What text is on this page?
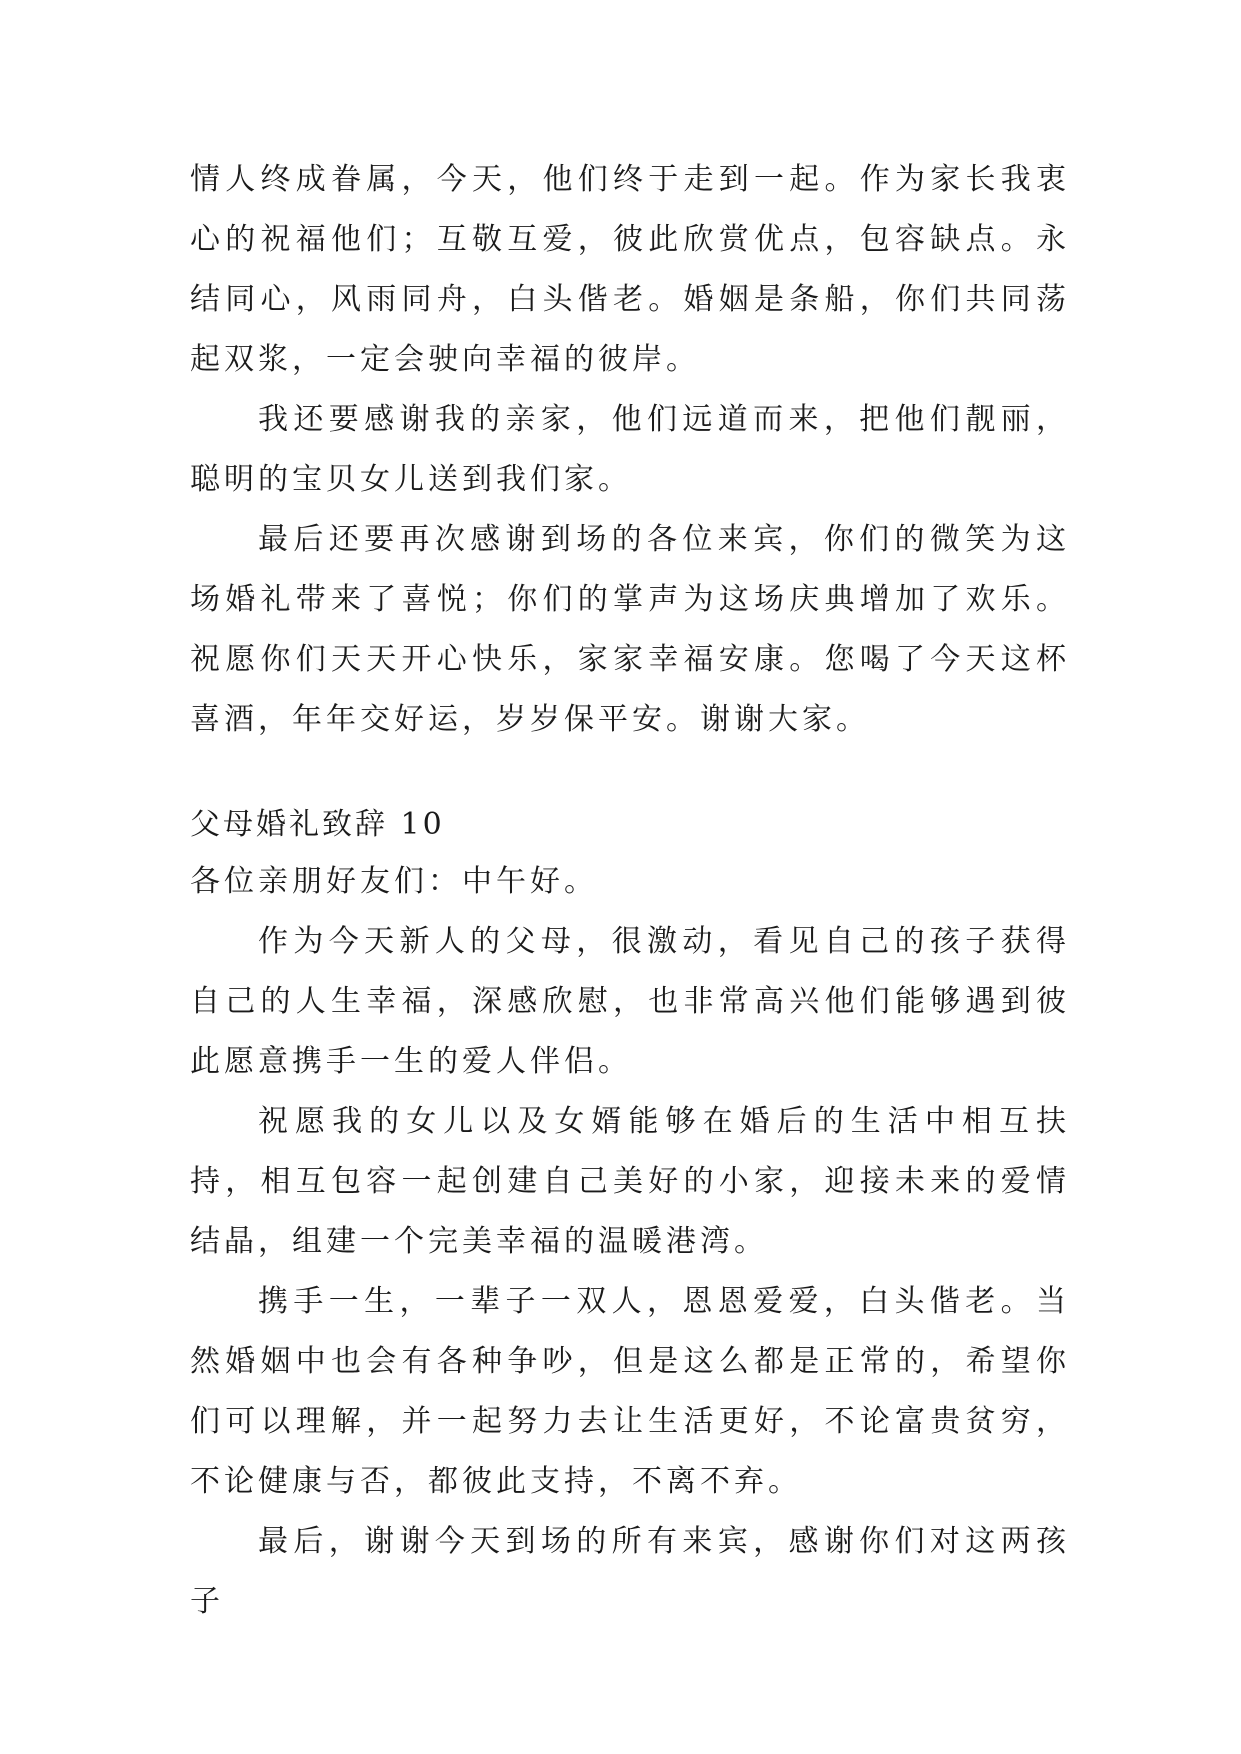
情人终成眷属，今天，他们终于走到一起。作为家长我衷心的祝福他们；互敬互爱，彼此欣赏优点，包容缺点。永结同心，风雨同舟，白头偕老。婚姻是条船，你们共同荡起双浆，一定会驶向幸福的彼岸。

我还要感谢我的亲家，他们远道而来，把他们靓丽，聪明的宝贝女儿送到我们家。

最后还要再次感谢到场的各位来宾，你们的微笑为这场婚礼带来了喜悦；你们的掌声为这场庆典增加了欢乐。祝愿你们天天开心快乐，家家幸福安康。您喝了今天这杯喜酒，年年交好运，岁岁保平安。谢谢大家。

父母婚礼致辞 10

各位亲朋好友们：中午好。

作为今天新人的父母，很激动，看见自己的孩子获得自己的人生幸福，深感欣慰，也非常高兴他们能够遇到彼此愿意携手一生的爱人伴侣。

祝愿我的女儿以及女婿能够在婚后的生活中相互扶持，相互包容一起创建自己美好的小家，迎接未来的爱情结晶，组建一个完美幸福的温暖港湾。

携手一生，一辈子一双人，恩恩爱爱，白头偕老。当然婚姻中也会有各种争吵，但是这么都是正常的，希望你们可以理解，并一起努力去让生活更好，不论富贵贫穷，不论健康与否，都彼此支持，不离不弃。

最后，谢谢今天到场的所有来宾，感谢你们对这两孩子
